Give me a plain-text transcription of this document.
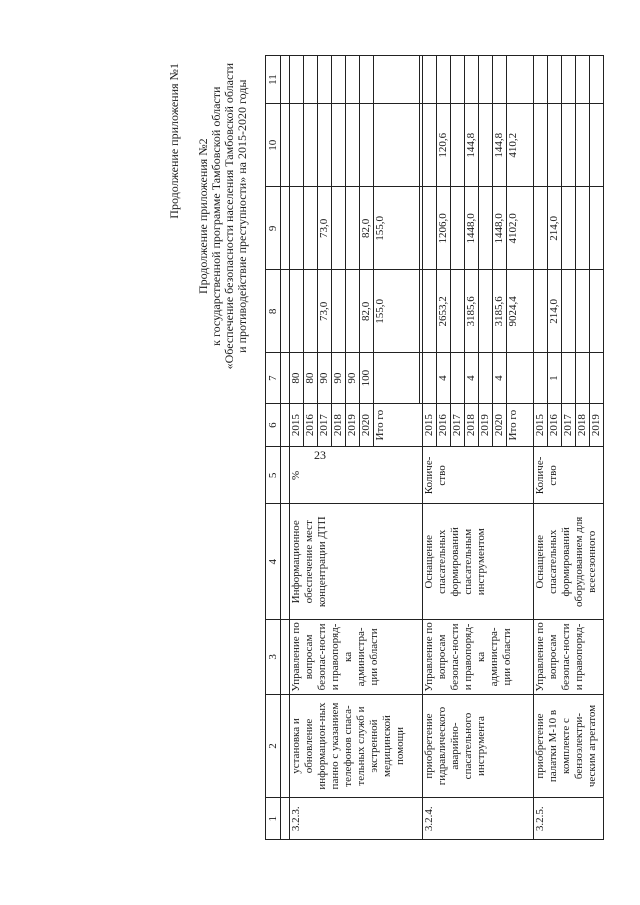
23
Продолжение приложения №1 Продолжение приложения №2 к государственной программе Тамбовской области «Обеспечение безопасности населения Тамбовской области и противодействие преступности» на 2015-2020 годы
1	2	3	4	5	6	7	8	9	10	11

3.2.3.	установка и обновление информацион-ных панно с указанием телефонов спаса-тельных служб и экстренной медицинской помощи	Управление по вопросам безопас-ности и правопоряд-ка администра-ции области	Информационное обеспечение мест концентрации ДТП	%	2015	80				
					2016	80				
					2017	90	73,0	73,0		
					2018	90				
					2019	90				
					2020	100	82,0	82,0		
					Ито го		155,0	155,0		

3.2.4.	приобретение гидравлического аварийно-спасательного инструмента	Управление по вопросам безопас-ности и правопоряд-ка администра-ции области	Оснащение спасательных формирований спасательным инструментом	Количе-ство	2015					
					2016	4	2653,2	1206,0	120,6	
					2017					
					2018	4	3185,6	1448,0	144,8	
					2019					
					2020	4	3185,6	1448,0	144,8	
					Ито го		9024,4	4102,0	410,2	
3.2.5.	приобретение палатки М-10 в комплекте с бензоэлектри-ческим агрегатом	Управление по вопросам безопас-ности и правопоряд-	Оснащение спасательных формирований оборудованием для всесезонного	Количе-ство	2015					
					2016	1	214,0	214,0		
					2017					
					2018					
					2019					
